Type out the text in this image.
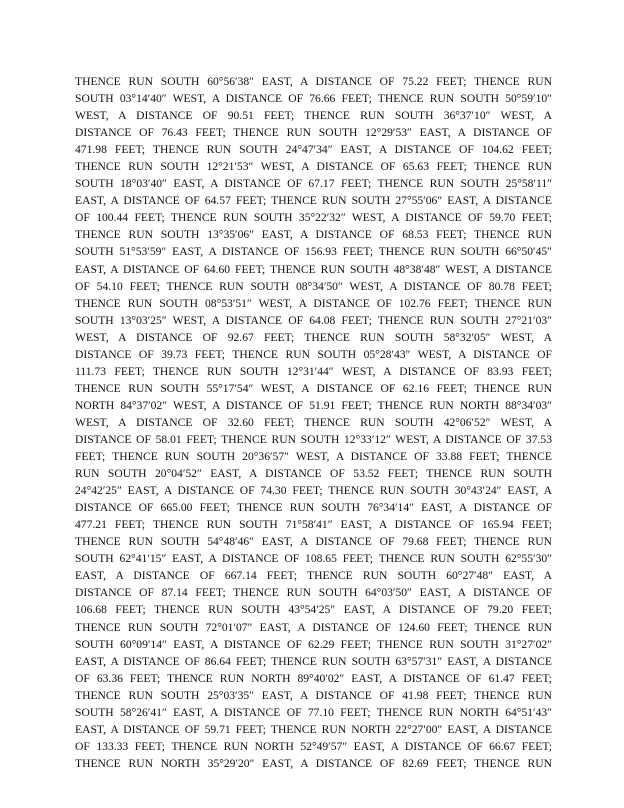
THENCE RUN SOUTH 60°56′38″ EAST, A DISTANCE OF 75.22 FEET; THENCE RUN
SOUTH 03°14′40″ WEST, A DISTANCE OF 76.66 FEET; THENCE RUN SOUTH 50°59′10″
WEST, A DISTANCE OF 90.51 FEET; THENCE RUN SOUTH 36°37′10″ WEST, A
DISTANCE OF 76.43 FEET; THENCE RUN SOUTH 12°29′53″ EAST, A DISTANCE OF
471.98 FEET; THENCE RUN SOUTH 24°47′34″ EAST, A DISTANCE OF 104.62 FEET;
THENCE RUN SOUTH 12°21′53″ WEST, A DISTANCE OF 65.63 FEET; THENCE RUN
SOUTH 18°03′40″ EAST, A DISTANCE OF 67.17 FEET; THENCE RUN SOUTH 25°58′11″
EAST, A DISTANCE OF 64.57 FEET; THENCE RUN SOUTH 27°55′06″ EAST, A DISTANCE
OF 100.44 FEET; THENCE RUN SOUTH 35°22′32″ WEST, A DISTANCE OF 59.70 FEET;
THENCE RUN SOUTH 13°35′06″ EAST, A DISTANCE OF 68.53 FEET; THENCE RUN
SOUTH 51°53′59″ EAST, A DISTANCE OF 156.93 FEET; THENCE RUN SOUTH 66°50′45″
EAST, A DISTANCE OF 64.60 FEET; THENCE RUN SOUTH 48°38′48″ WEST, A DISTANCE
OF 54.10 FEET; THENCE RUN SOUTH 08°34′50″ WEST, A DISTANCE OF 80.78 FEET;
THENCE RUN SOUTH 08°53′51″ WEST, A DISTANCE OF 102.76 FEET; THENCE RUN
SOUTH 13°03′25″ WEST, A DISTANCE OF 64.08 FEET; THENCE RUN SOUTH 27°21′03″
WEST, A DISTANCE OF 92.67 FEET; THENCE RUN SOUTH 58°32′05″ WEST, A
DISTANCE OF 39.73 FEET; THENCE RUN SOUTH 05°28′43″ WEST, A DISTANCE OF
111.73 FEET; THENCE RUN SOUTH 12°31′44″ WEST, A DISTANCE OF 83.93 FEET;
THENCE RUN SOUTH 55°17′54″ WEST, A DISTANCE OF 62.16 FEET; THENCE RUN
NORTH 84°37′02″ WEST, A DISTANCE OF 51.91 FEET; THENCE RUN NORTH 88°34′03″
WEST, A DISTANCE OF 32.60 FEET; THENCE RUN SOUTH 42°06′52″ WEST, A
DISTANCE OF 58.01 FEET; THENCE RUN SOUTH 12°33′12″ WEST, A DISTANCE OF 37.53
FEET; THENCE RUN SOUTH 20°36′57″ WEST, A DISTANCE OF 33.88 FEET; THENCE
RUN SOUTH 20°04′52″ EAST, A DISTANCE OF 53.52 FEET; THENCE RUN SOUTH
24°42′25″ EAST, A DISTANCE OF 74.30 FEET; THENCE RUN SOUTH 30°43′24″ EAST, A
DISTANCE OF 665.00 FEET; THENCE RUN SOUTH 76°34′14″ EAST, A DISTANCE OF
477.21 FEET; THENCE RUN SOUTH 71°58′41″ EAST, A DISTANCE OF 165.94 FEET;
THENCE RUN SOUTH 54°48′46″ EAST, A DISTANCE OF 79.68 FEET; THENCE RUN
SOUTH 62°41′15″ EAST, A DISTANCE OF 108.65 FEET; THENCE RUN SOUTH 62°55′30″
EAST, A DISTANCE OF 667.14 FEET; THENCE RUN SOUTH 60°27′48″ EAST, A
DISTANCE OF 87.14 FEET; THENCE RUN SOUTH 64°03′50″ EAST, A DISTANCE OF
106.68 FEET; THENCE RUN SOUTH 43°54′25″ EAST, A DISTANCE OF 79.20 FEET;
THENCE RUN SOUTH 72°01′07″ EAST, A DISTANCE OF 124.60 FEET; THENCE RUN
SOUTH 60°09′14″ EAST, A DISTANCE OF 62.29 FEET; THENCE RUN SOUTH 31°27′02″
EAST, A DISTANCE OF 86.64 FEET; THENCE RUN SOUTH 63°57′31″ EAST, A DISTANCE
OF 63.36 FEET; THENCE RUN NORTH 89°40′02″ EAST, A DISTANCE OF 61.47 FEET;
THENCE RUN SOUTH 25°03′35″ EAST, A DISTANCE OF 41.98 FEET; THENCE RUN
SOUTH 58°26′41″ EAST, A DISTANCE OF 77.10 FEET; THENCE RUN NORTH 64°51′43″
EAST, A DISTANCE OF 59.71 FEET; THENCE RUN NORTH 22°27′00″ EAST, A DISTANCE
OF 133.33 FEET; THENCE RUN NORTH 52°49′57″ EAST, A DISTANCE OF 66.67 FEET;
THENCE RUN NORTH 35°29′20″ EAST, A DISTANCE OF 82.69 FEET; THENCE RUN
